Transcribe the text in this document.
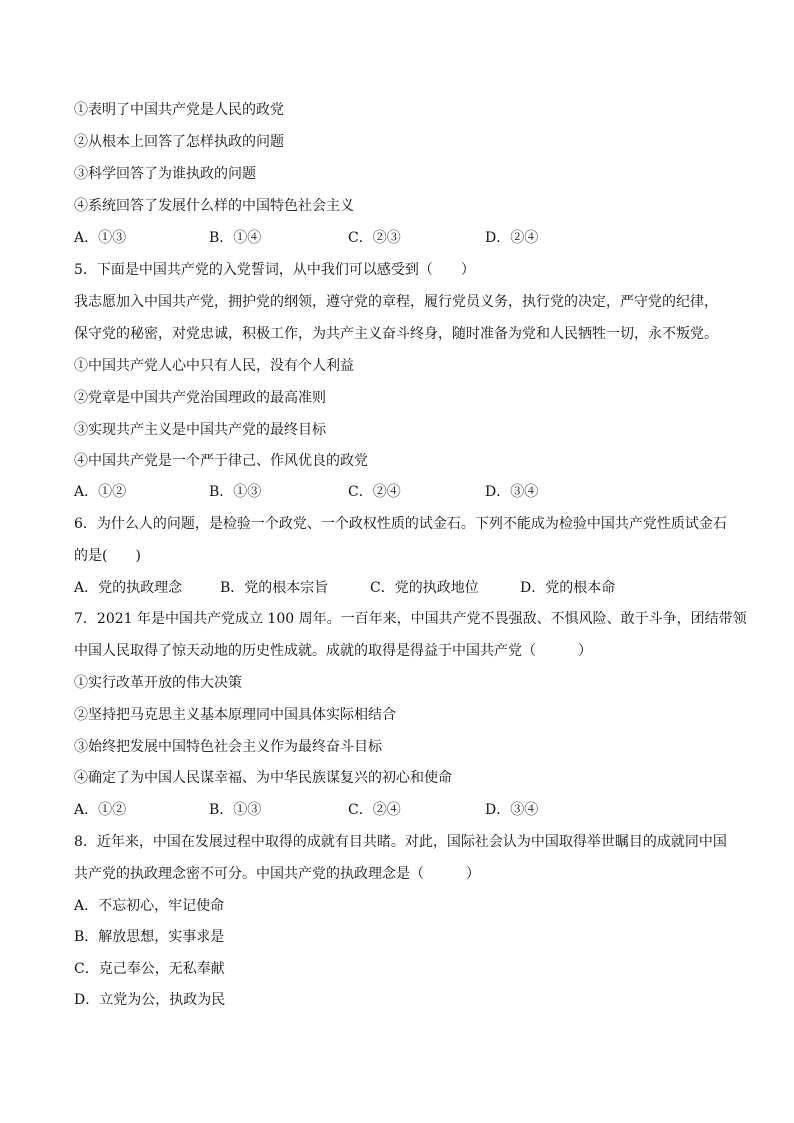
①表明了中国共产党是人民的政党
②从根本上回答了怎样执政的问题
③科学回答了为谁执政的问题
④系统回答了发展什么样的中国特色社会主义
A．①③	B．①④	C．②③	D．②④
5．下面是中国共产党的入党誓词，从中我们可以感受到（　　）
我志愿加入中国共产党，拥护党的纲领，遵守党的章程，履行党员义务，执行党的决定，严守党的纪律，
保守党的秘密，对党忠诚，积极工作，为共产主义奋斗终身，随时准备为党和人民牺牲一切，永不叛党。
①中国共产党人心中只有人民，没有个人利益
②党章是中国共产党治国理政的最高准则
③实现共产主义是中国共产党的最终目标
④中国共产党是一个严于律己、作风优良的政党
A．①②	B．①③	C．②④	D．③④
6．为什么人的问题，是检验一个政党、一个政权性质的试金石。下列不能成为检验中国共产党性质试金石
的是(　　)
A．党的执政理念	B．党的根本宗旨	C．党的执政地位	D．党的根本命
7．2021 年是中国共产党成立 100 周年。一百年来，中国共产党不畏强敌、不惧风险、敢于斗争，团结带领
中国人民取得了惊天动地的历史性成就。成就的取得是得益于中国共产党（　　　）
①实行改革开放的伟大决策
②坚持把马克思主义基本原理同中国具体实际相结合
③始终把发展中国特色社会主义作为最终奋斗目标
④确定了为中国人民谋幸福、为中华民族谋复兴的初心和使命
A．①②	B．①③	C．②④	D．③④
8．近年来，中国在发展过程中取得的成就有目共睹。对此，国际社会认为中国取得举世瞩目的成就同中国
共产党的执政理念密不可分。中国共产党的执政理念是（　　　）
A．不忘初心，牢记使命
B．解放思想，实事求是
C．克己奉公，无私奉献
D．立党为公，执政为民
